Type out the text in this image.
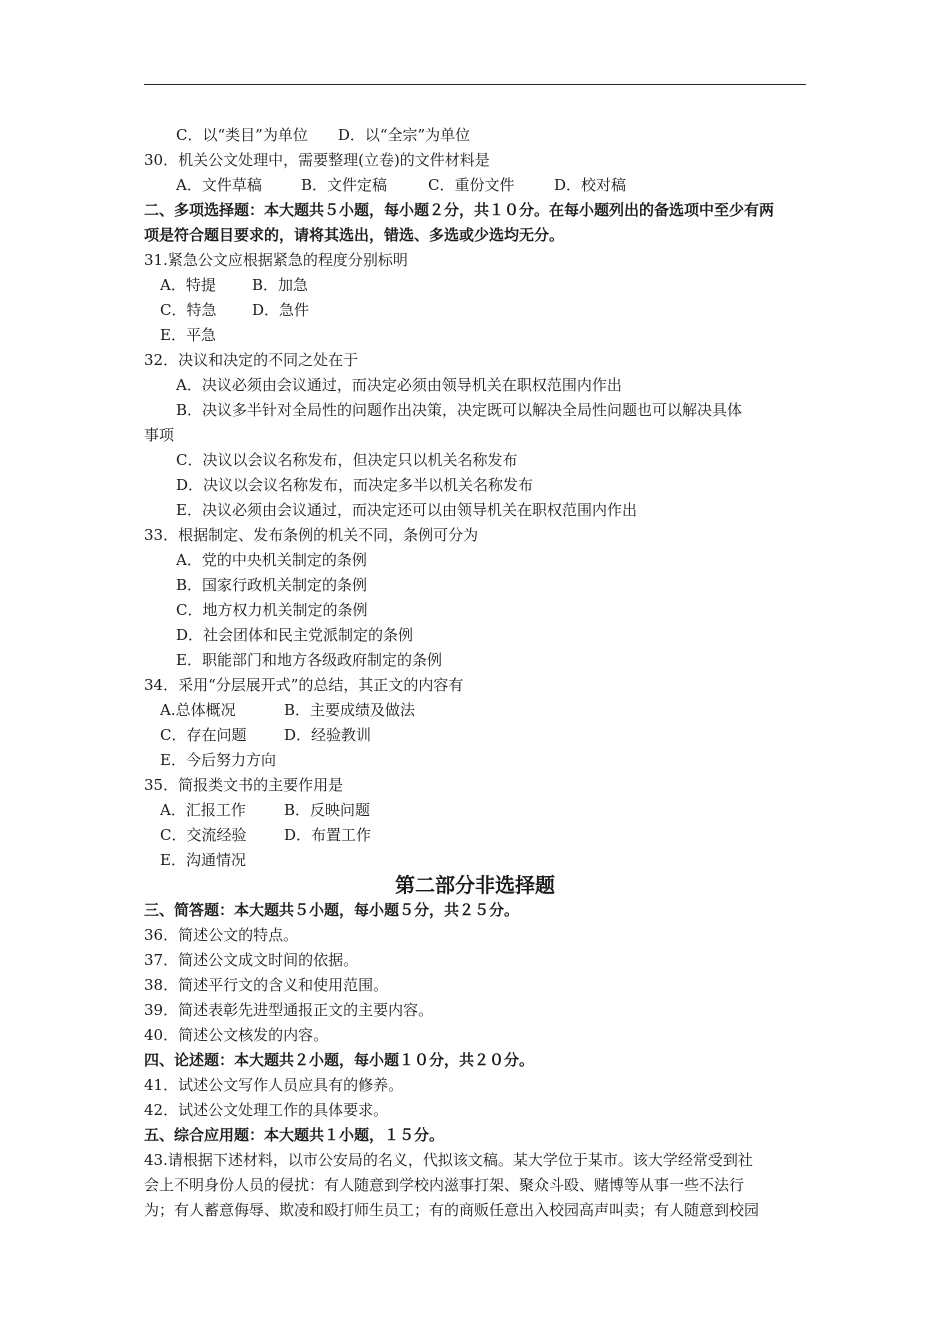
C．以“类目”为单位　　D．以“全宗”为单位
30．机关公文处理中，需要整理(立卷)的文件材料是
A．文件草稿	B．文件定稿	C．重份文件	D．校对稿
二、多项选择题：本大题共５小题，每小题２分，共１０分。在每小题列出的备选项中至少有两
项是符合题目要求的，请将其选出，错选、多选或少选均无分。
31.紧急公文应根据紧急的程度分别标明
A．特提 B．加急
C．特急 D．急件
E．平急
32．决议和决定的不同之处在于
A．决议必须由会议通过，而决定必须由领导机关在职权范围内作出
B．决议多半针对全局性的问题作出决策，决定既可以解决全局性问题也可以解决具体
事项
C．决议以会议名称发布，但决定只以机关名称发布
D．决议以会议名称发布，而决定多半以机关名称发布
E．决议必须由会议通过，而决定还可以由领导机关在职权范围内作出
33．根据制定、发布条例的机关不同，条例可分为
A．党的中央机关制定的条例
B．国家行政机关制定的条例
C．地方权力机关制定的条例
D．社会团体和民主党派制定的条例
E．职能部门和地方各级政府制定的条例
34．采用“分层展开式”的总结，其正文的内容有
A.总体概况	B．主要成绩及做法
C．存在问题	D．经验教训
E．今后努力方向
35．简报类文书的主要作用是
A．汇报工作	B．反映问题
C．交流经验	D．布置工作
E．沟通情况
第二部分非选择题
三、简答题：本大题共５小题，每小题５分，共２５分。
36．简述公文的特点。
37．简述公文成文时间的依据。
38．简述平行文的含义和使用范围。
39．简述表彰先进型通报正文的主要内容。
40．简述公文核发的内容。
四、论述题：本大题共２小题，每小题１０分，共２０分。
41．试述公文写作人员应具有的修养。
42．试述公文处理工作的具体要求。
五、综合应用题：本大题共１小题，１５分。
43.请根据下述材料，以市公安局的名义，代拟该文稿。某大学位于某市。该大学经常受到社
会上不明身份人员的侵扰：有人随意到学校内滋事打架、聚众斗殴、赌博等从事一些不法行
为；有人蓄意侮辱、欺凌和殴打师生员工；有的商贩任意出入校园高声叫卖；有人随意到校园
